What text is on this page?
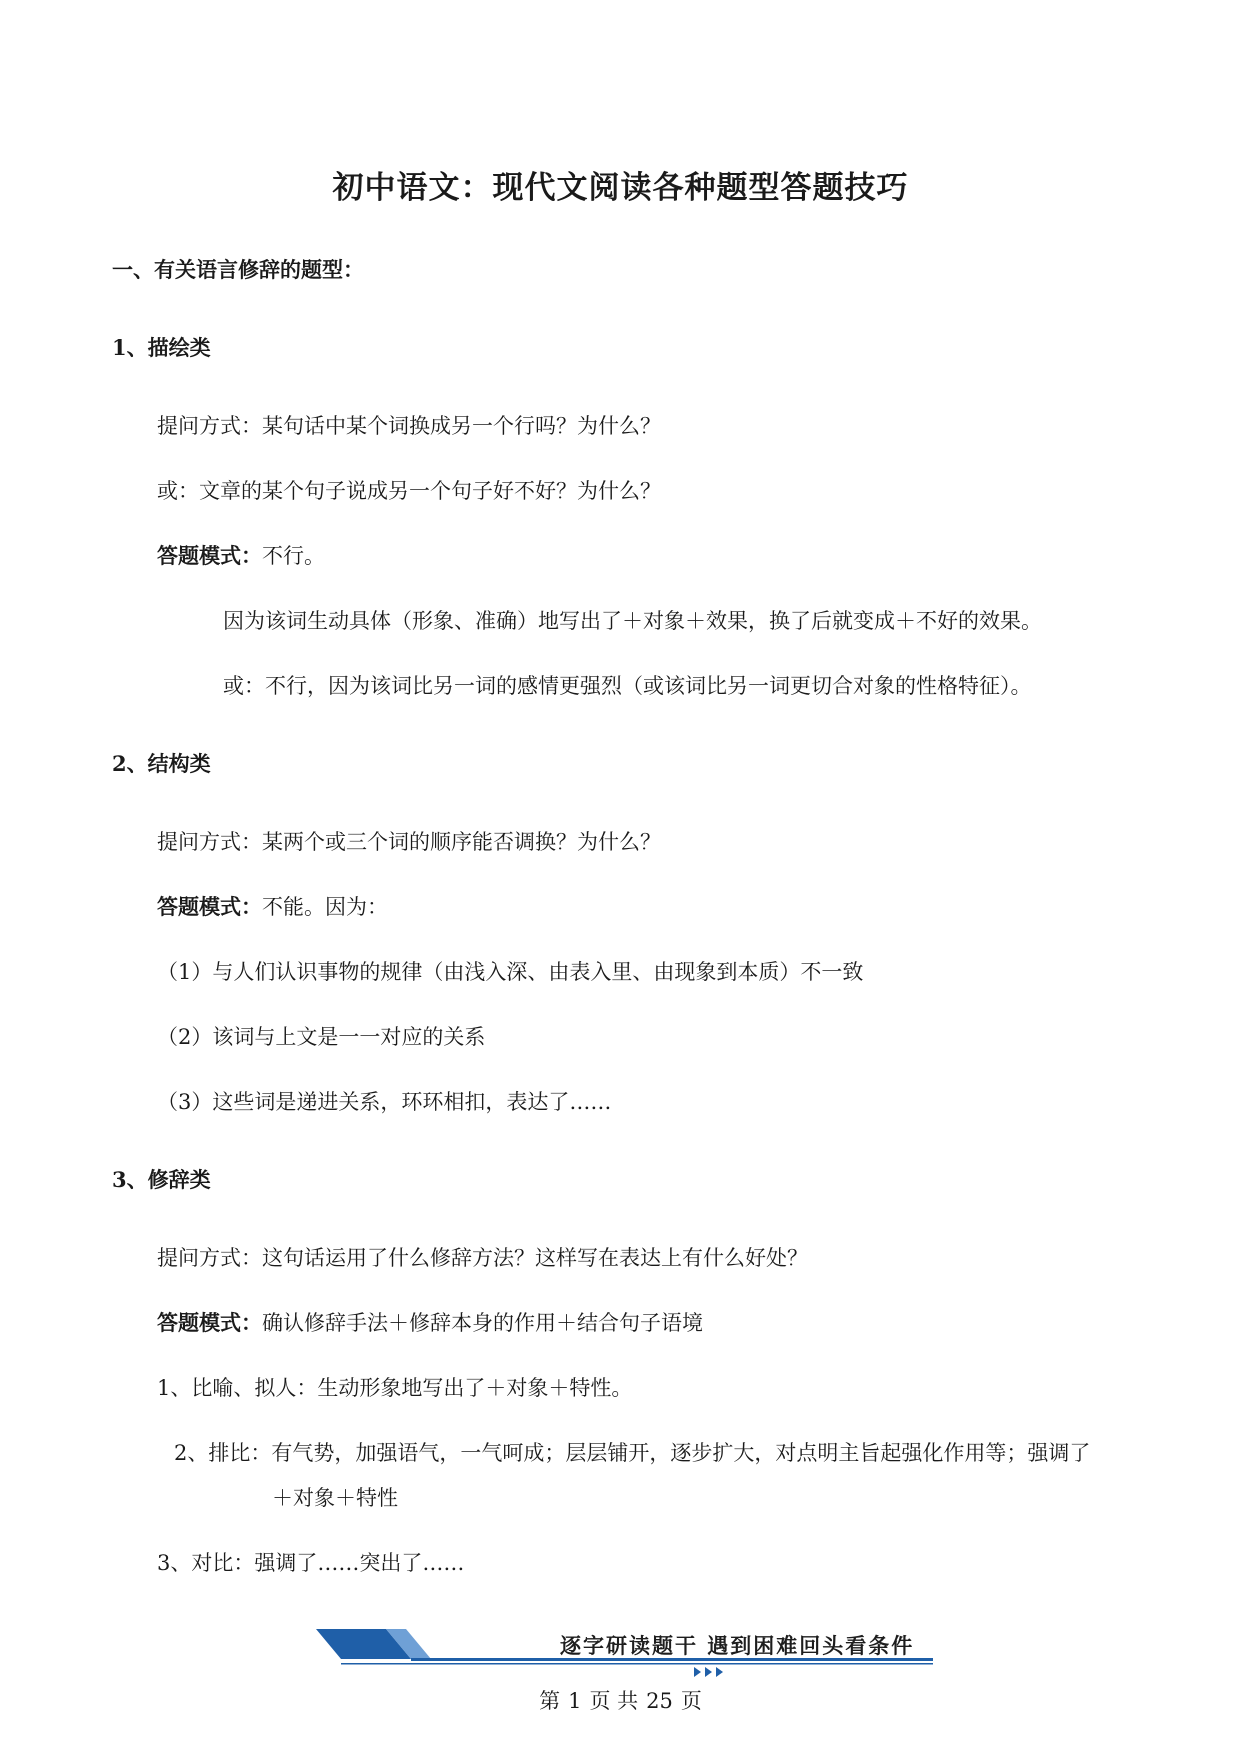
初中语文：现代文阅读各种题型答题技巧
一、有关语言修辞的题型：
1、描绘类
提问方式：某句话中某个词换成另一个行吗？为什么？
或：文章的某个句子说成另一个句子好不好？为什么？
答题模式：不行。
因为该词生动具体（形象、准确）地写出了＋对象＋效果，换了后就变成＋不好的效果。
或：不行，因为该词比另一词的感情更强烈（或该词比另一词更切合对象的性格特征）。
2、结构类
提问方式：某两个或三个词的顺序能否调换？为什么？
答题模式：不能。因为：
（1）与人们认识事物的规律（由浅入深、由表入里、由现象到本质）不一致
（2）该词与上文是一一对应的关系
（3）这些词是递进关系，环环相扣，表达了……
3、修辞类
提问方式：这句话运用了什么修辞方法？这样写在表达上有什么好处？
答题模式：确认修辞手法＋修辞本身的作用＋结合句子语境
1、比喻、拟人：生动形象地写出了＋对象＋特性。
2、排比：有气势，加强语气，一气呵成；层层铺开，逐步扩大，对点明主旨起强化作用等；强调了
＋对象＋特性
3、对比：强调了……突出了……
逐字研读题干 遇到困难回头看条件
第 1 页 共 25 页
